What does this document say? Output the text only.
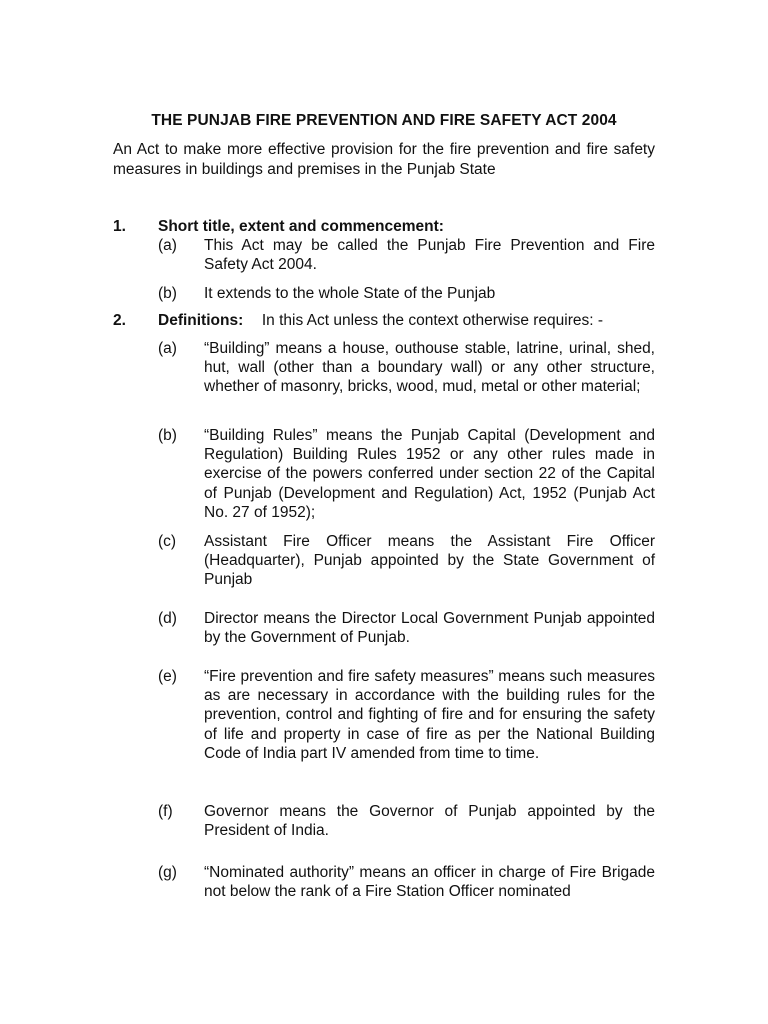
THE PUNJAB FIRE PREVENTION AND FIRE SAFETY ACT 2004
An Act to make more effective provision for the fire prevention and fire safety measures in buildings and premises in the Punjab State
1. Short title, extent and commencement:
(a) This Act may be called the Punjab Fire Prevention and Fire Safety Act 2004.
(b) It extends to the whole State of the Punjab
2. Definitions: In this Act unless the context otherwise requires: -
(a) “Building” means a house, outhouse stable, latrine, urinal, shed, hut, wall (other than a boundary wall) or any other structure, whether of masonry, bricks, wood, mud, metal or other material;
(b) “Building Rules” means the Punjab Capital (Development and Regulation) Building Rules 1952 or any other rules made in exercise of the powers conferred under section 22 of the Capital of Punjab (Development and Regulation) Act, 1952 (Punjab Act No. 27 of 1952);
(c) Assistant Fire Officer means the Assistant Fire Officer (Headquarter), Punjab appointed by the State Government of Punjab
(d) Director means the Director Local Government Punjab appointed by the Government of Punjab.
(e) “Fire prevention and fire safety measures” means such measures as are necessary in accordance with the building rules for the prevention, control and fighting of fire and for ensuring the safety of life and property in case of fire as per the National Building Code of India part IV amended from time to time.
(f) Governor means the Governor of Punjab appointed by the President of India.
(g) “Nominated authority” means an officer in charge of Fire Brigade not below the rank of a Fire Station Officer nominated
